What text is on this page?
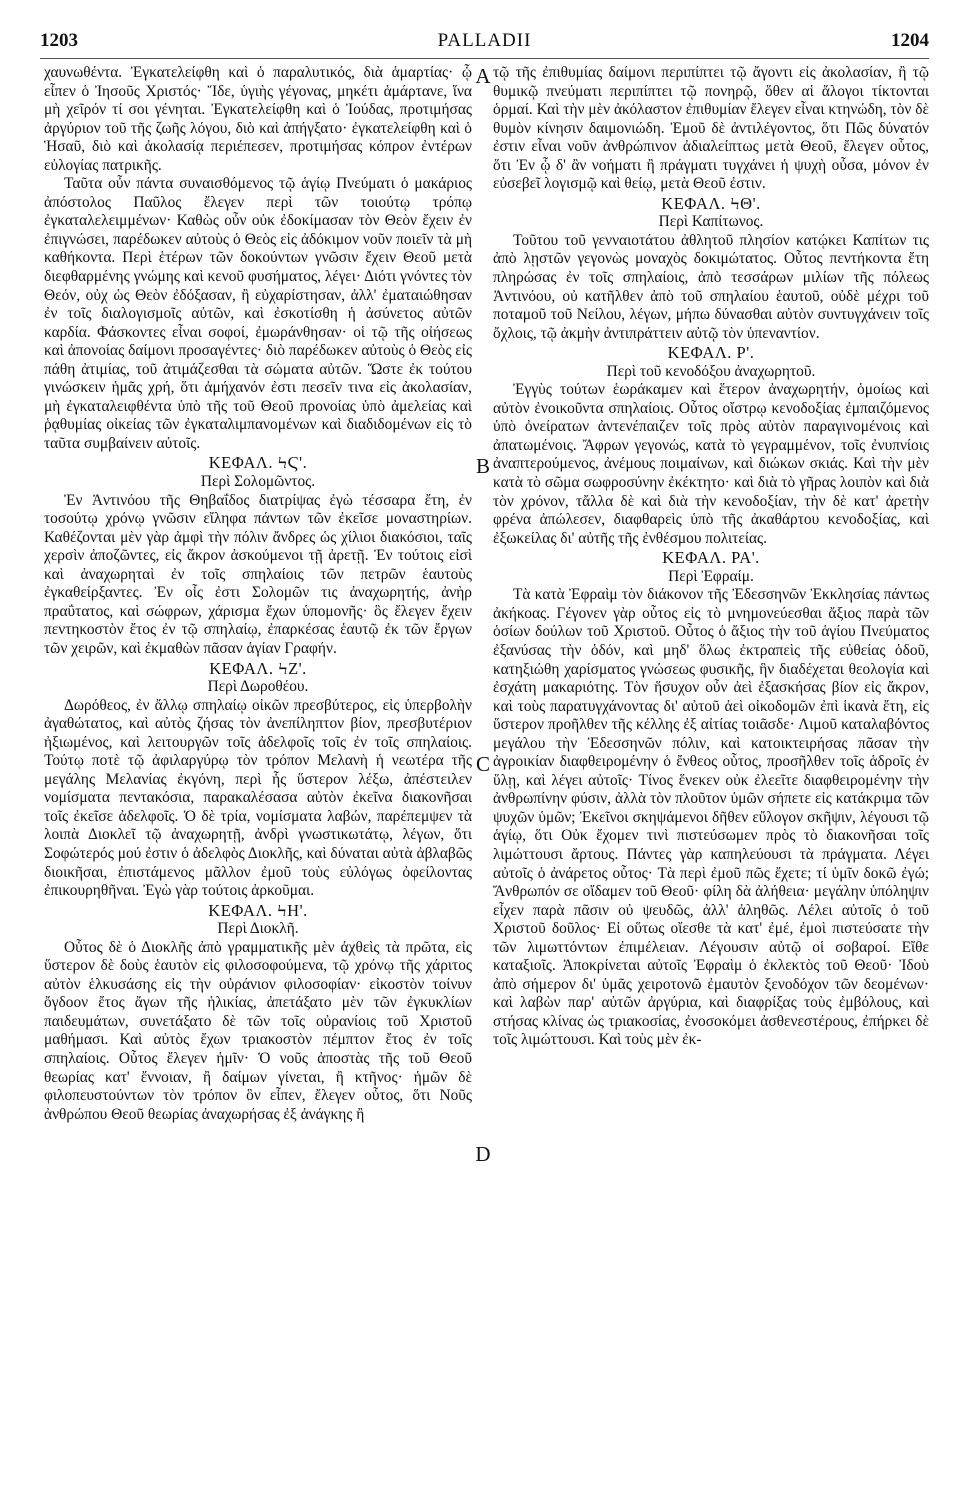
1203	PALLADII	1204

χαυνωθέντα. Ἐγκατελείφθη καὶ ὁ παραλυτικός, διὰ ἁμαρτίας· ᾧ εἶπεν ὁ Ἰησοῦς Χριστός· Ἴδε, ὑγιὴς γέγονας, μηκέτι ἁμάρτανε, ἵνα μὴ χεῖρόν τί σοι γένηται. Ἐγκατελείφθη καὶ ὁ Ἰούδας, προτιμήσας ἀργύριον τοῦ τῆς ζωῆς λόγου, διὸ καὶ ἀπήγξατο· ἐγκατελείφθη καὶ ὁ Ἡσαῦ, διὸ καὶ ἀκολασίᾳ περιέπεσεν, προτιμήσας κόπρον ἐντέρων εὐλογίας πατρικῆς.

Ταῦτα οὖν πάντα συναισθόμενος τῷ ἁγίῳ Πνεύματι ὁ μακάριος ἀπόστολος Παῦλος ἔλεγεν περὶ τῶν τοιούτῳ τρόπῳ ἐγκαταλελειμμένων· Καθὼς οὖν οὐκ ἐδοκίμασαν τὸν Θεὸν ἔχειν ἐν ἐπιγνώσει, παρέδωκεν αὐτοὺς ὁ Θεὸς εἰς ἀδόκιμον νοῦν ποιεῖν τὰ μὴ καθήκοντα. Περὶ ἑτέρων τῶν δοκούντων γνῶσιν ἔχειν Θεοῦ μετὰ διεφθαρμένης γνώμης καὶ κενοῦ φυσήματος, λέγει· Διότι γνόντες τὸν Θεόν, οὐχ ὡς Θεὸν ἐδόξασαν, ἢ εὐχαρίστησαν, ἀλλ' ἐματαιώθησαν ἐν τοῖς διαλογισμοῖς αὐτῶν, καὶ ἐσκοτίσθη ἡ ἀσύνετος αὐτῶν καρδία. Φάσκοντες εἶναι σοφοί, ἐμωράνθησαν· οἱ τῷ τῆς οἰήσεως καὶ ἀπονοίας δαίμονι προσαγέντες· διὸ παρέδωκεν αὐτοὺς ὁ Θεὸς εἰς πάθη ἀτιμίας, τοῦ ἀτιμάζεσθαι τὰ σώματα αὐτῶν. Ὥστε ἐκ τούτου γινώσκειν ἡμᾶς χρή, ὅτι ἀμήχανόν ἐστι πεσεῖν τινα εἰς ἀκολασίαν, μὴ ἐγκαταλειφθέντα ὑπὸ τῆς τοῦ Θεοῦ προνοίας ὑπὸ ἀμελείας καὶ ῥᾳθυμίας οἰκείας τῶν ἐγκαταλιμπανομένων καὶ διαδιδομένων εἰς τὸ ταῦτα συμβαίνειν αὐτοῖς.

ΚΕΦΑΛ. ϞϚ'.
Περὶ Σολομῶντος.

Ἐν Ἀντινόου τῆς Θηβαΐδος διατρίψας ἐγὼ τέσσαρα ἔτη, ἐν τοσούτῳ χρόνῳ γνῶσιν εἴληφα πάντων τῶν ἐκεῖσε μοναστηρίων. Καθέζονται μὲν γὰρ ἀμφὶ τὴν πόλιν ἄνδρες ὡς χίλιοι διακόσιοι, ταῖς χερσὶν ἀποζῶντες, εἰς ἄκρον ἀσκούμενοι τῇ ἀρετῇ. Ἐν τούτοις εἰσὶ καὶ ἀναχωρηταὶ ἐν τοῖς σπηλαίοις τῶν πετρῶν ἑαυτοὺς ἐγκαθείρξαντες. Ἐν οἷς ἐστι Σολομῶν τις ἀναχωρητής, ἀνὴρ πραΰτατος, καὶ σώφρων, χάρισμα ἔχων ὑπομονῆς· ὃς ἔλεγεν ἔχειν πεντηκοστὸν ἔτος ἐν τῷ σπηλαίῳ, ἐπαρκέσας ἑαυτῷ ἐκ τῶν ἔργων τῶν χειρῶν, καὶ ἐκμαθὼν πᾶσαν ἁγίαν Γραφήν.

ΚΕΦΑΛ. ϞΖ'.
Περὶ Δωροθέου.

Δωρόθεος, ἐν ἄλλῳ σπηλαίῳ οἰκῶν πρεσβύτερος, εἰς ὑπερβολὴν ἀγαθώτατος, καὶ αὐτὸς ζήσας τὸν ἀνεπίληπτον βίον, πρεσβυτέριον ἠξιωμένος, καὶ λειτουργῶν τοῖς ἀδελφοῖς τοῖς ἐν τοῖς σπηλαίοις. Τούτῳ ποτὲ τῷ ἀφιλαργύρῳ τὸν τρόπον Μελανὴ ἡ νεωτέρα τῆς μεγάλης Μελανίας ἐκγόνη, περὶ ἧς ὕστερον λέξω, ἀπέστειλεν νομίσματα πεντακόσια, παρακαλέσασα αὐτὸν ἐκεῖνα διακονῆσαι τοῖς ἐκεῖσε ἀδελφοῖς. Ὁ δὲ τρία, νομίσματα λαβών, παρέπεμψεν τὰ λοιπὰ Διοκλεῖ τῷ ἀναχωρητῇ, ἀνδρὶ γνωστικωτάτῳ, λέγων, ὅτι Σοφώτερός μού ἐστιν ὁ ἀδελφὸς Διοκλῆς, καὶ δύναται αὐτὰ ἀβλαβῶς διοικῆσαι, ἐπιστάμενος μᾶλλον ἐμοῦ τοὺς εὐλόγως ὀφείλοντας ἐπικουρηθῆναι. Ἐγὼ γὰρ τούτοις ἀρκοῦμαι.

ΚΕΦΑΛ. ϞΗ'.
Περὶ Διοκλῆ.

Οὗτος δὲ ὁ Διοκλῆς ἀπὸ γραμματικῆς μὲν ἀχθεὶς τὰ πρῶτα, εἰς ὕστερον δὲ δοὺς ἑαυτὸν εἰς φιλοσοφούμενα, τῷ χρόνῳ τῆς χάριτος αὐτὸν ἑλκυσάσης εἰς τὴν οὐράνιον φιλοσοφίαν· εἰκοστὸν τοίνυν ὄγδοον ἔτος ἄγων τῆς ἡλικίας, ἀπετάξατο μὲν τῶν ἐγκυκλίων παιδευμάτων, συνετάξατο δὲ τῶν τοῖς οὐρανίοις τοῦ Χριστοῦ μαθήμασι. Καὶ αὐτὸς ἔχων τριακοστὸν πέμπτον ἔτος ἐν τοῖς σπηλαίοις. Οὗτος ἔλεγεν ἡμῖν· Ὁ νοῦς ἀποστὰς τῆς τοῦ Θεοῦ θεωρίας κατ' ἔννοιαν, ἢ δαίμων γίνεται, ἢ κτῆνος· ἡμῶν δὲ φιλοπευστούντων τὸν τρόπον ὃν εἶπεν, ἔλεγεν οὗτος, ὅτι Νοῦς ἀνθρώπου Θεοῦ θεωρίας ἀναχωρήσας ἐξ ἀνάγκης ἢ

A
B
C
D

τῷ τῆς ἐπιθυμίας δαίμονι περιπίπτει τῷ ἄγοντι εἰς ἀκολασίαν, ἢ τῷ θυμικῷ πνεύματι περιπίπτει τῷ πονηρῷ, ὅθεν αἱ ἄλογοι τίκτονται ὁρμαί. Καὶ τὴν μὲν ἀκόλαστον ἐπιθυμίαν ἔλεγεν εἶναι κτηνώδη, τὸν δὲ θυμὸν κίνησιν δαιμονιώδη. Ἐμοῦ δὲ ἀντιλέγοντος, ὅτι Πῶς δύνατόν ἐστιν εἶναι νοῦν ἀνθρώπινον ἀδιαλείπτως μετὰ Θεοῦ, ἔλεγεν οὗτος, ὅτι Ἐν ᾧ δ' ἂν νοήματι ἢ πράγματι τυγχάνει ἡ ψυχὴ οὖσα, μόνον ἐν εὐσεβεῖ λογισμῷ καὶ θείῳ, μετὰ Θεοῦ ἐστιν.

ΚΕΦΑΛ. ϞΘ'.
Περὶ Καπίτωνος.

Τοῦτου τοῦ γενναιοτάτου ἀθλητοῦ πλησίον κατῴκει Καπίτων τις ἀπὸ λῃστῶν γεγονὼς μοναχὸς δοκιμώτατος. Οὗτος πεντήκοντα ἔτη πληρώσας ἐν τοῖς σπηλαίοις, ἀπὸ τεσσάρων μιλίων τῆς πόλεως Ἀντινόου, οὐ κατῆλθεν ἀπὸ τοῦ σπηλαίου ἑαυτοῦ, οὐδὲ μέχρι τοῦ ποταμοῦ τοῦ Νείλου, λέγων, μήπω δύνασθαι αὐτὸν συντυγχάνειν τοῖς ὄχλοις, τῷ ἀκμὴν ἀντιπράττειν αὐτῷ τὸν ὑπεναντίον.

ΚΕΦΑΛ. Ρ'.
Περὶ τοῦ κενοδόξου ἀναχωρητοῦ.

Ἐγγὺς τούτων ἑωράκαμεν καὶ ἕτερον ἀναχωρητήν, ὁμοίως καὶ αὐτὸν ἐνοικοῦντα σπηλαίοις. Οὗτος οἴστρῳ κενοδοξίας ἐμπαιζόμενος ὑπὸ ὀνείρατων ἀντενέπαιζεν τοῖς πρὸς αὐτὸν παραγινομένοις καὶ ἀπατωμένοις. Ἄφρων γεγονώς, κατὰ τὸ γεγραμμένον, τοῖς ἐνυπνίοις ἀναπτερούμενος, ἀνέμους ποιμαίνων, καὶ διώκων σκιάς. Καὶ τὴν μὲν κατὰ τὸ σῶμα σωφροσύνην ἐκέκτητο· καὶ διὰ τὸ γῆρας λοιπὸν καὶ διὰ τὸν χρόνον, τἄλλα δὲ καὶ διὰ τὴν κενοδοξίαν, τὴν δὲ κατ' ἀρετὴν φρένα ἀπώλεσεν, διαφθαρεὶς ὑπὸ τῆς ἀκαθάρτου κενοδοξίας, καὶ ἐξωκείλας δι' αὐτῆς τῆς ἐνθέσμου πολιτείας.

ΚΕΦΑΛ. ΡΑ'.
Περὶ Ἐφραίμ.

Τὰ κατὰ Ἐφραὶμ τὸν διάκονον τῆς Ἐδεσσηνῶν Ἐκκλησίας πάντως ἀκήκοας. Γέγονεν γὰρ οὗτος εἰς τὸ μνημονεύεσθαι ἄξιος παρὰ τῶν ὁσίων δούλων τοῦ Χριστοῦ. Οὗτος ὁ ἄξιος τὴν τοῦ ἁγίου Πνεύματος ἐξανύσας τὴν ὁδόν, καὶ μηδ' ὅλως ἐκτραπεὶς τῆς εὐθείας ὁδοῦ, κατηξιώθη χαρίσματος γνώσεως φυσικῆς, ἣν διαδέχεται θεολογία καὶ ἐσχάτη μακαριότης. Τὸν ἥσυχον οὖν ἀεὶ ἐξασκήσας βίον εἰς ἄκρον, καὶ τοὺς παρατυγχάνοντας δι' αὐτοῦ ἀεὶ οἰκοδομῶν ἐπὶ ἱκανὰ ἔτη, εἰς ὕστερον προῆλθεν τῆς κέλλης ἐξ αἰτίας τοιᾶσδε· Λιμοῦ καταλαβόντος μεγάλου τὴν Ἐδεσσηνῶν πόλιν, καὶ κατοικτειρήσας πᾶσαν τὴν ἀγροικίαν διαφθειρομένην ὁ ἔνθεος οὗτος, προσῆλθεν τοῖς ἁδροῖς ἐν ὕλῃ, καὶ λέγει αὐτοῖς· Τίνος ἕνεκεν οὐκ ἐλεεῖτε διαφθειρομένην τὴν ἀνθρωπίνην φύσιν, ἀλλὰ τὸν πλοῦτον ὑμῶν σήπετε εἰς κατάκριμα τῶν ψυχῶν ὑμῶν; Ἐκεῖνοι σκηψάμενοι δῆθεν εὔλογον σκῆψιν, λέγουσι τῷ ἁγίῳ, ὅτι Οὐκ ἔχομεν τινὶ πιστεύσωμεν πρὸς τὸ διακονῆσαι τοῖς λιμώττουσι ἄρτους. Πάντες γὰρ καπηλεύουσι τὰ πράγματα. Λέγει αὐτοῖς ὁ ἀνάρετος οὗτος· Τὰ περὶ ἐμοῦ πῶς ἔχετε; τί ὑμῖν δοκῶ ἐγώ; Ἄνθρωπόν σε οἴδαμεν τοῦ Θεοῦ· φίλη δὰ ἀλήθεια· μεγάλην ὑπόληψιν εἶχεν παρὰ πᾶσιν οὐ ψευδῶς, ἀλλ' ἀληθῶς. Λέλει αὐτοῖς ὁ τοῦ Χριστοῦ δοῦλος· Εἰ οὕτως οἴεσθε τὰ κατ' ἐμέ, ἐμοὶ πιστεύσατε τὴν τῶν λιμωττόντων ἐπιμέλειαν. Λέγουσιν αὐτῷ οἱ σοβαροί. Εἴθε καταξιοῖς. Ἀποκρίνεται αὐτοῖς Ἐφραὶμ ὁ ἐκλεκτὸς τοῦ Θεοῦ· Ἰδοὺ ἀπὸ σήμερον δι' ὑμᾶς χειροτονῶ ἐμαυτὸν ξενοδόχον τῶν δεομένων· καὶ λαβὼν παρ' αὐτῶν ἀργύρια, καὶ διαφρίξας τοὺς ἐμβόλους, καὶ στήσας κλίνας ὡς τριακοσίας, ἐνοσοκόμει ἀσθενεστέρους, ἐπήρκει δὲ τοῖς λιμώττουσι. Καὶ τοὺς μὲν ἐκ-
